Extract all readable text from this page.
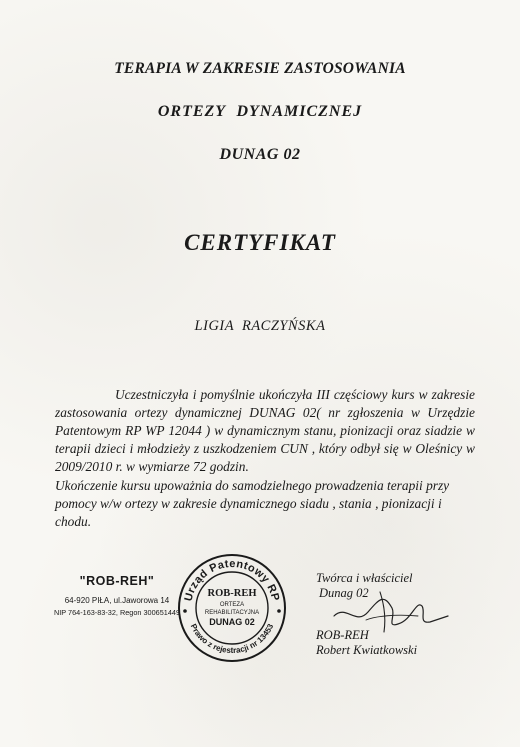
TERAPIA W ZAKRESIE ZASTOSOWANIA
ORTEZY DYNAMICZNEJ
DUNAG 02
CERTYFIKAT
LIGIA RACZYŃSKA

Uczestniczyła i pomyślnie ukończyła III częściowy kurs w zakresie zastosowania ortezy dynamicznej DUNAG 02( nr zgłoszenia w Urzędzie Patentowym RP WP 12044 ) w dynamicznym stanu, pionizacji oraz siadzie w terapii dzieci i młodzieży z uszkodzeniem CUN , który odbył się w Oleśnicy w 2009/2010 r. w wymiarze 72 godzin.

Ukończenie kursu upoważnia do samodzielnego prowadzenia terapii przy pomocy w/w ortezy w zakresie dynamicznego siadu , stania , pionizacji i chodu.

"ROB-REH"
64-920 PIŁA, ul.Jaworowa 14
NIP 764-163-83-32, Regon 300651449
Urząd Patentowy RP
Prawo z rejestracji nr 13453
ROB-REH
ORTEZA
REHABILITACYJNA
DUNAG 02
Twórca i właściciel
Dunag 02
ROB-REH
Robert Kwiatkowski
